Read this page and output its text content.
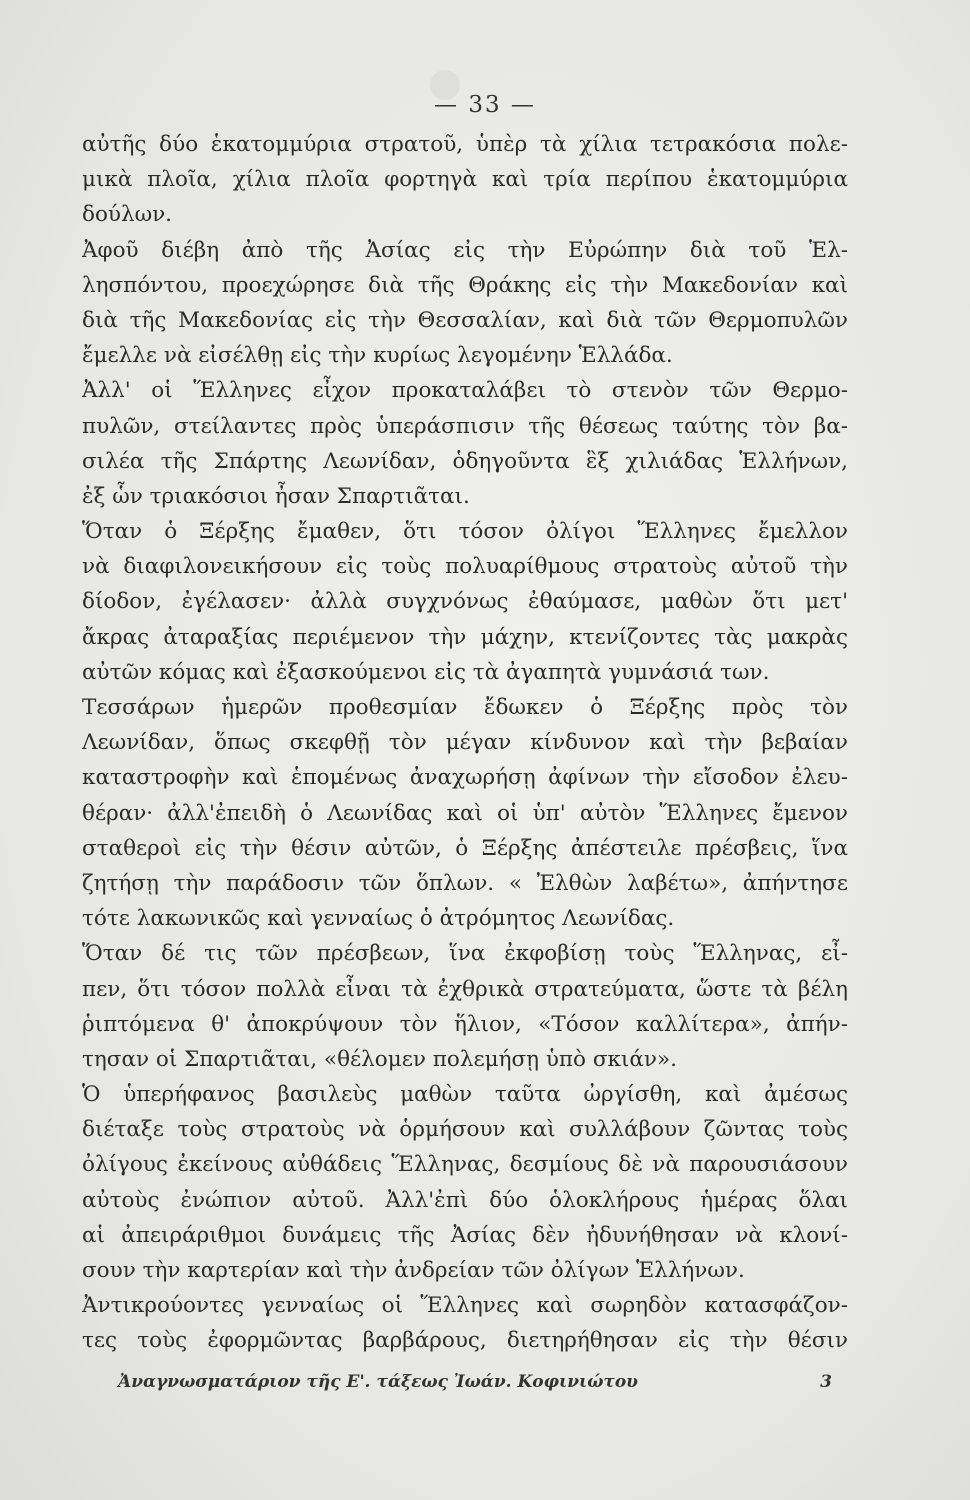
— 33 —
αὐτῆς δύο ἑκατομμύρια στρατοῦ, ὑπὲρ τὰ χίλια τετρακόσια πολε-
μικὰ πλοῖα, χίλια πλοῖα φορτηγὰ καὶ τρία περίπου ἑκατομμύρια
δούλων.
Ἀφοῦ διέβη ἀπὸ τῆς Ἀσίας εἰς τὴν Εὐρώπην διὰ τοῦ Ἑλ-
λησπόντου, προεχώρησε διὰ τῆς Θράκης εἰς τὴν Μακεδονίαν καὶ
διὰ τῆς Μακεδονίας εἰς τὴν Θεσσαλίαν, καὶ διὰ τῶν Θερμοπυλῶν
ἔμελλε νὰ εἰσέλθῃ εἰς τὴν κυρίως λεγομένην Ἑλλάδα.
Ἀλλ' οἱ Ἕλληνες εἶχον προκαταλάβει τὸ στενὸν τῶν Θερμο-
πυλῶν, στείλαντες πρὸς ὑπεράσπισιν τῆς θέσεως ταύτης τὸν βα-
σιλέα τῆς Σπάρτης Λεωνίδαν, ὁδηγοῦντα ἓξ χιλιάδας Ἑλλήνων,
ἐξ ὧν τριακόσιοι ἦσαν Σπαρτιᾶται.
Ὅταν ὁ Ξέρξης ἔμαθεν, ὅτι τόσον ὀλίγοι Ἕλληνες ἔμελλον
νὰ διαφιλονεικήσουν εἰς τοὺς πολυαρίθμους στρατοὺς αὐτοῦ τὴν
δίοδον, ἐγέλασεν· ἀλλὰ συγχνόνως ἐθαύμασε, μαθὼν ὅτι μετ'
ἄκρας ἀταραξίας περιέμενον τὴν μάχην, κτενίζοντες τὰς μακρὰς
αὐτῶν κόμας καὶ ἐξασκούμενοι εἰς τὰ ἀγαπητὰ γυμνάσιά των.
Τεσσάρων ἡμερῶν προθεσμίαν ἔδωκεν ὁ Ξέρξης πρὸς τὸν
Λεωνίδαν, ὅπως σκεφθῇ τὸν μέγαν κίνδυνον καὶ τὴν βεβαίαν
καταστροφὴν καὶ ἑπομένως ἀναχωρήσῃ ἀφίνων τὴν εἴσοδον ἐλευ-
θέραν· ἀλλ'ἐπειδὴ ὁ Λεωνίδας καὶ οἱ ὑπ' αὐτὸν Ἕλληνες ἔμενον
σταθεροὶ εἰς τὴν θέσιν αὐτῶν, ὁ Ξέρξης ἀπέστειλε πρέσβεις, ἵνα
ζητήσῃ τὴν παράδοσιν τῶν ὅπλων. « Ἐλθὼν λαβέτω», ἀπήντησε
τότε λακωνικῶς καὶ γενναίως ὁ ἀτρόμητος Λεωνίδας.
Ὅταν δέ τις τῶν πρέσβεων, ἵνα ἐκφοβίσῃ τοὺς Ἕλληνας, εἶ-
πεν, ὅτι τόσον πολλὰ εἶναι τὰ ἐχθρικὰ στρατεύματα, ὥστε τὰ βέλη
ῥιπτόμενα θ' ἀποκρύψουν τὸν ἥλιον, «Τόσον καλλίτερα», ἀπήν-
τησαν οἱ Σπαρτιᾶται, «θέλομεν πολεμήσῃ ὑπὸ σκιάν».
Ὁ ὑπερήφανος βασιλεὺς μαθὼν ταῦτα ὠργίσθη, καὶ ἀμέσως
διέταξε τοὺς στρατοὺς νὰ ὁρμήσουν καὶ συλλάβουν ζῶντας τοὺς
ὀλίγους ἐκείνους αὐθάδεις Ἕλληνας, δεσμίους δὲ νὰ παρουσιάσουν
αὐτοὺς ἐνώπιον αὐτοῦ. Ἀλλ'ἐπὶ δύο ὁλοκλήρους ἡμέρας ὅλαι
αἱ ἀπειράριθμοι δυνάμεις τῆς Ἀσίας δὲν ἠδυνήθησαν νὰ κλονί-
σουν τὴν καρτερίαν καὶ τὴν ἀνδρείαν τῶν ὀλίγων Ἑλλήνων.
Ἀντικρούοντες γενναίως οἱ Ἕλληνες καὶ σωρηδὸν κατασφάζον-
τες τοὺς ἐφορμῶντας βαρβάρους, διετηρήθησαν εἰς τὴν θέσιν
Ἀναγνωσματάριον τῆς Ε'. τάξεως Ἰωάν. Κοφινιώτου	3
